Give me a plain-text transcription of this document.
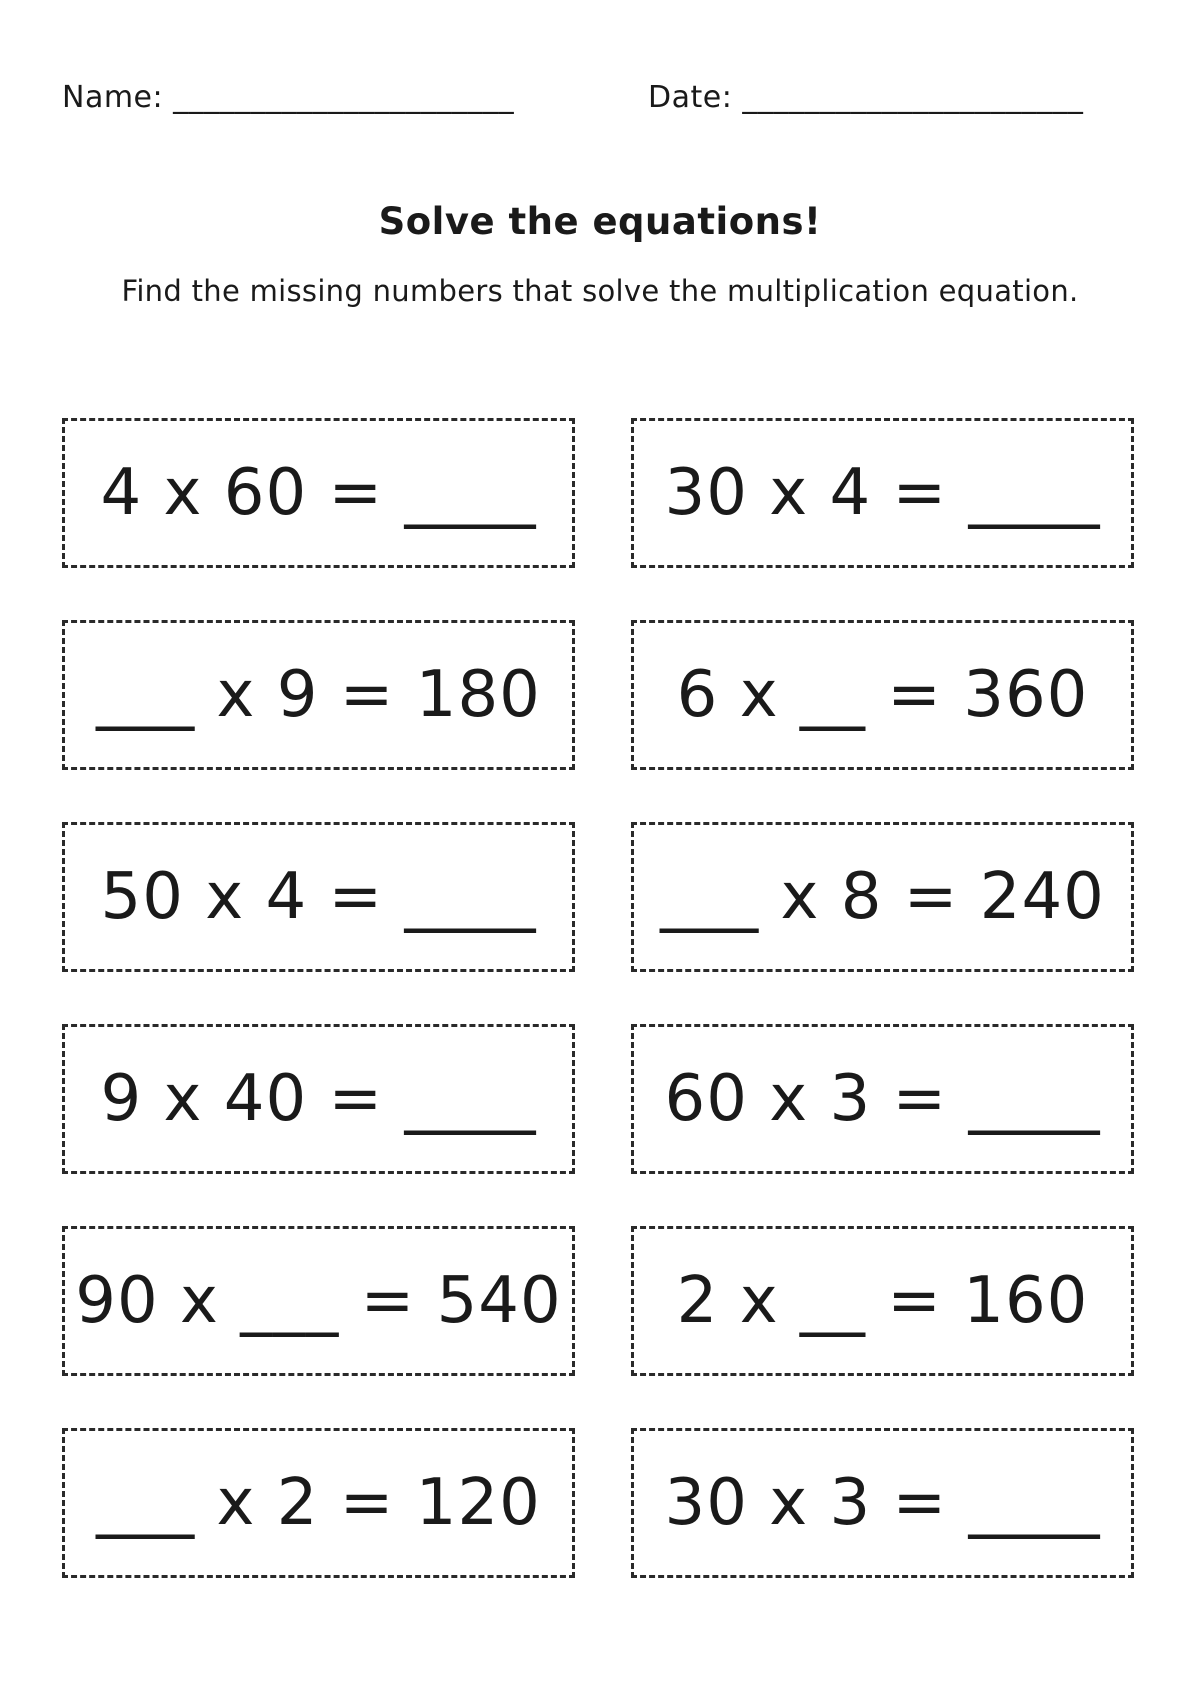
Name: ______________________	Date: ______________________
Solve the equations!
Find the missing numbers that solve the multiplication equation.
4 x 60 = ____ 30 x 4 = ____
___ x 9 = 180 6 x __ = 360
50 x 4 = ____ ___ x 8 = 240
9 x 40 = ____ 60 x 3 = ____
90 x ___ = 540 2 x __ = 160
___ x 2 = 120 30 x 3 = ____
